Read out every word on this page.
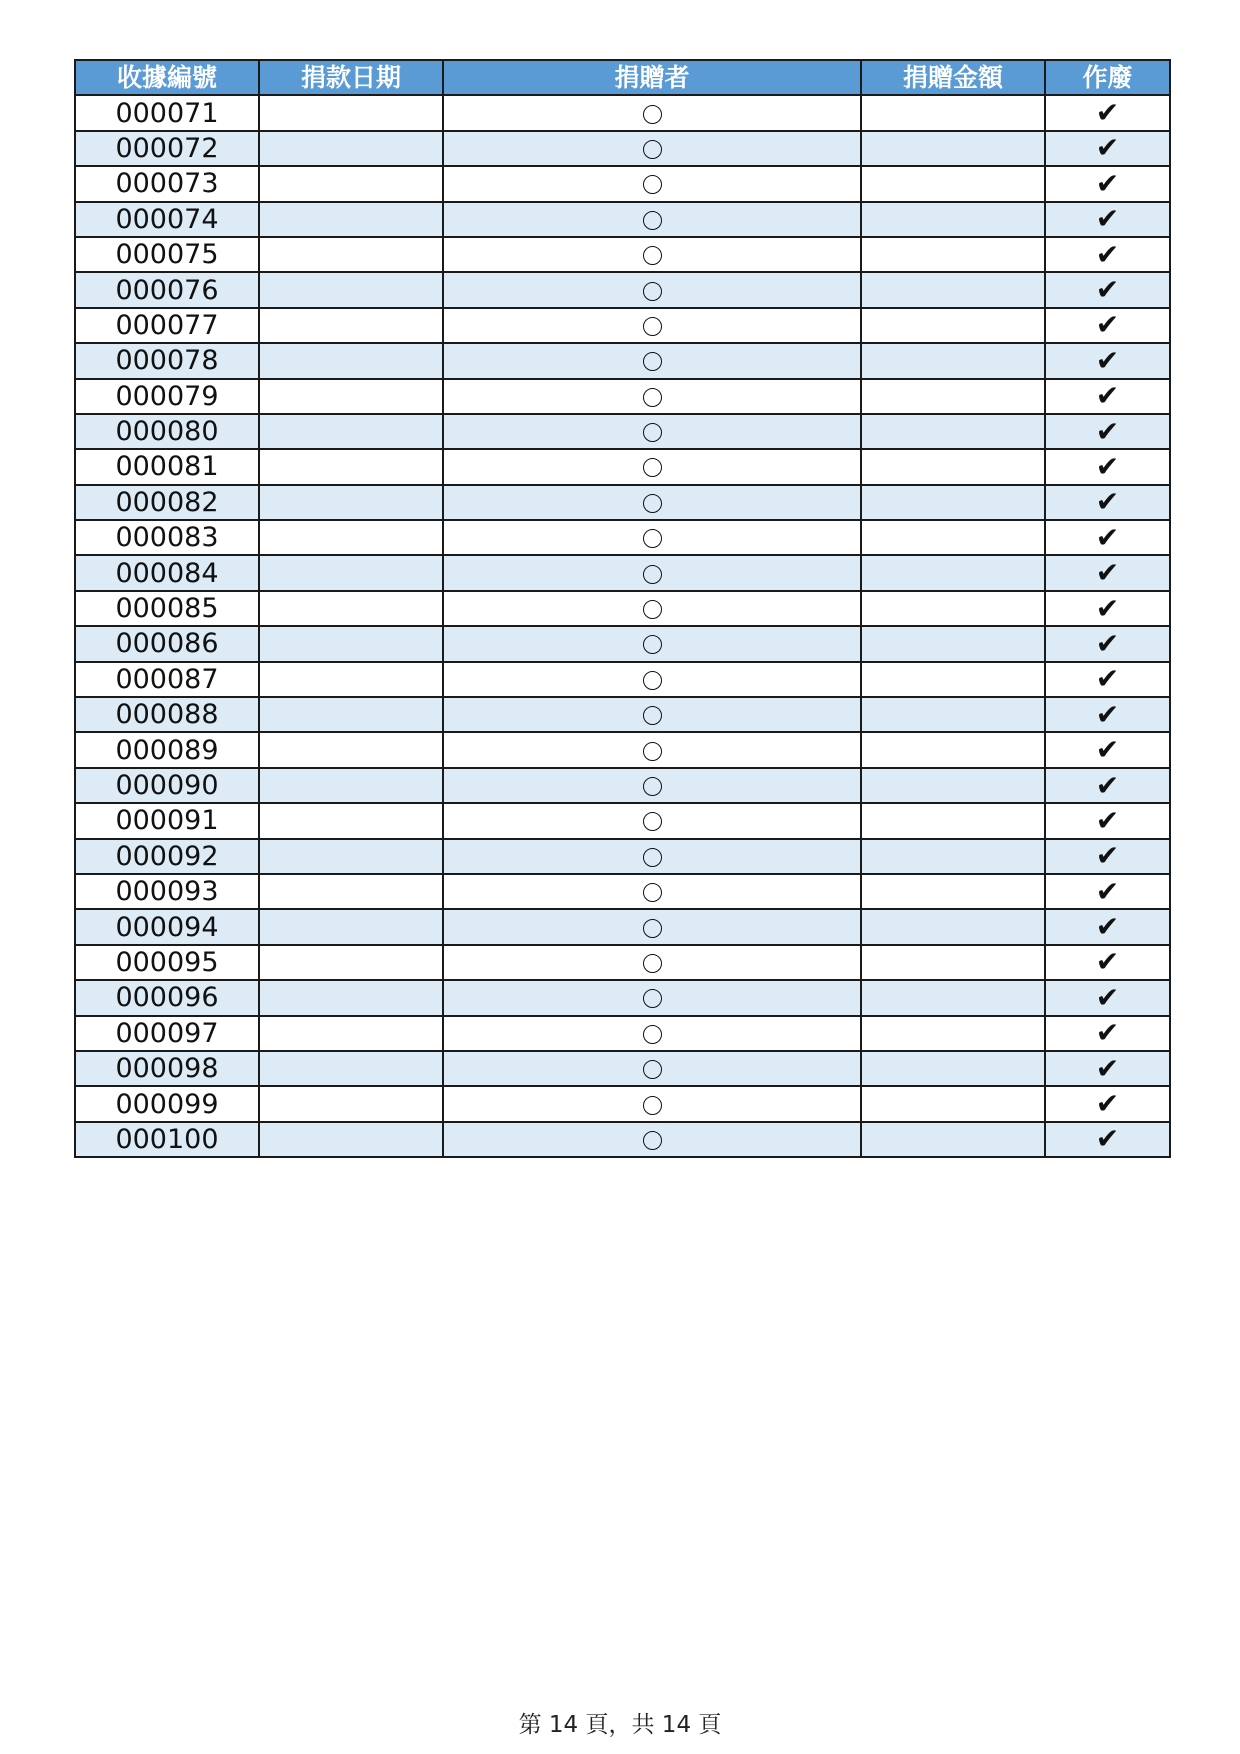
收據編號	捐款日期	捐贈者	捐贈金額	作廢
000071				✔
000072				✔
000073				✔
000074				✔
000075				✔
000076				✔
000077				✔
000078				✔
000079				✔
000080				✔
000081				✔
000082				✔
000083				✔
000084				✔
000085				✔
000086				✔
000087				✔
000088				✔
000089				✔
000090				✔
000091				✔
000092				✔
000093				✔
000094				✔
000095				✔
000096				✔
000097				✔
000098				✔
000099				✔
000100				✔
第 14 頁，共 14 頁
